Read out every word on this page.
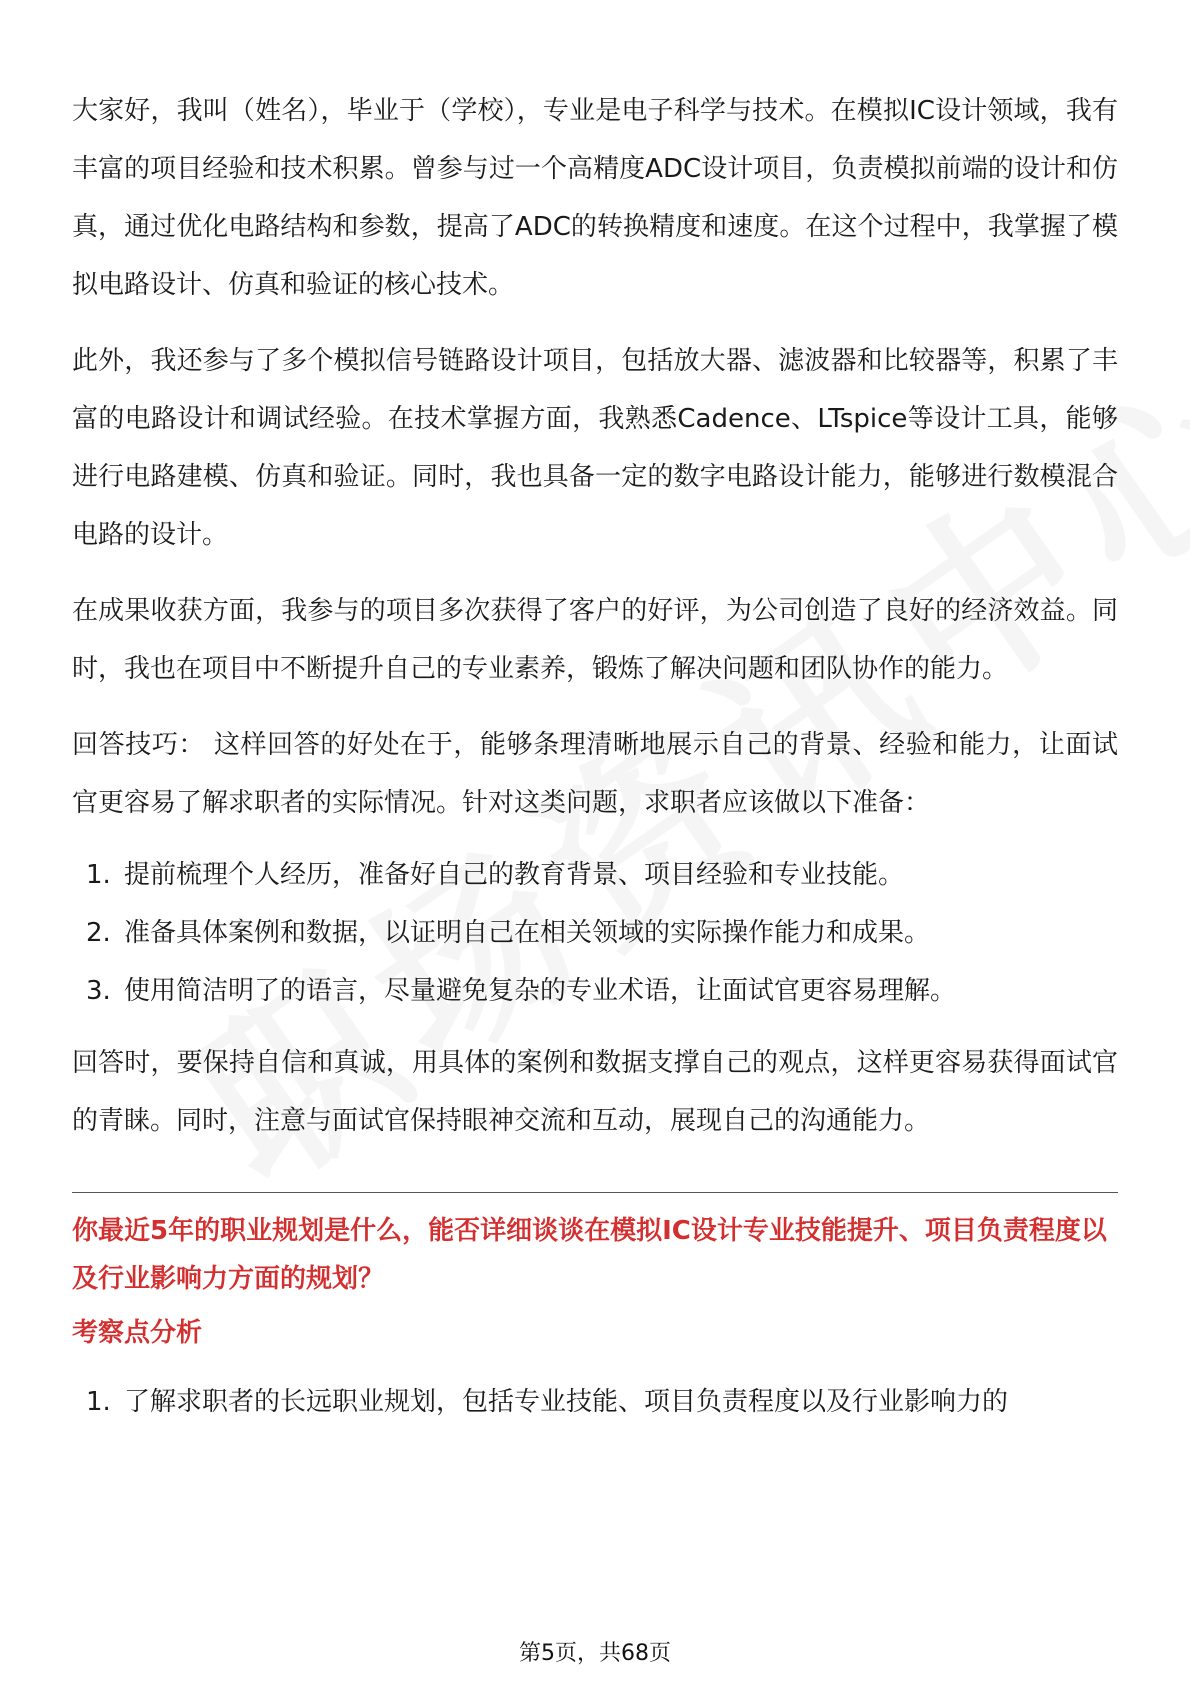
大家好，我叫（姓名），毕业于（学校），专业是电子科学与技术。在模拟IC设计领域，我有丰富的项目经验和技术积累。曾参与过一个高精度ADC设计项目，负责模拟前端的设计和仿真，通过优化电路结构和参数，提高了ADC的转换精度和速度。在这个过程中，我掌握了模拟电路设计、仿真和验证的核心技术。

此外，我还参与了多个模拟信号链路设计项目，包括放大器、滤波器和比较器等，积累了丰富的电路设计和调试经验。在技术掌握方面，我熟悉Cadence、LTspice等设计工具，能够进行电路建模、仿真和验证。同时，我也具备一定的数字电路设计能力，能够进行数模混合电路的设计。

在成果收获方面，我参与的项目多次获得了客户的好评，为公司创造了良好的经济效益。同时，我也在项目中不断提升自己的专业素养，锻炼了解决问题和团队协作的能力。

回答技巧： 这样回答的好处在于，能够条理清晰地展示自己的背景、经验和能力，让面试官更容易了解求职者的实际情况。针对这类问题，求职者应该做以下准备：

1. 提前梳理个人经历，准备好自己的教育背景、项目经验和专业技能。
2. 准备具体案例和数据，以证明自己在相关领域的实际操作能力和成果。
3. 使用简洁明了的语言，尽量避免复杂的专业术语，让面试官更容易理解。

回答时，要保持自信和真诚，用具体的案例和数据支撑自己的观点，这样更容易获得面试官的青睐。同时，注意与面试官保持眼神交流和互动，展现自己的沟通能力。

你最近5年的职业规划是什么，能否详细谈谈在模拟IC设计专业技能提升、项目负责程度以及行业影响力方面的规划？

考察点分析

1. 了解求职者的长远职业规划，包括专业技能、项目负责程度以及行业影响力的
第5页，共68页
